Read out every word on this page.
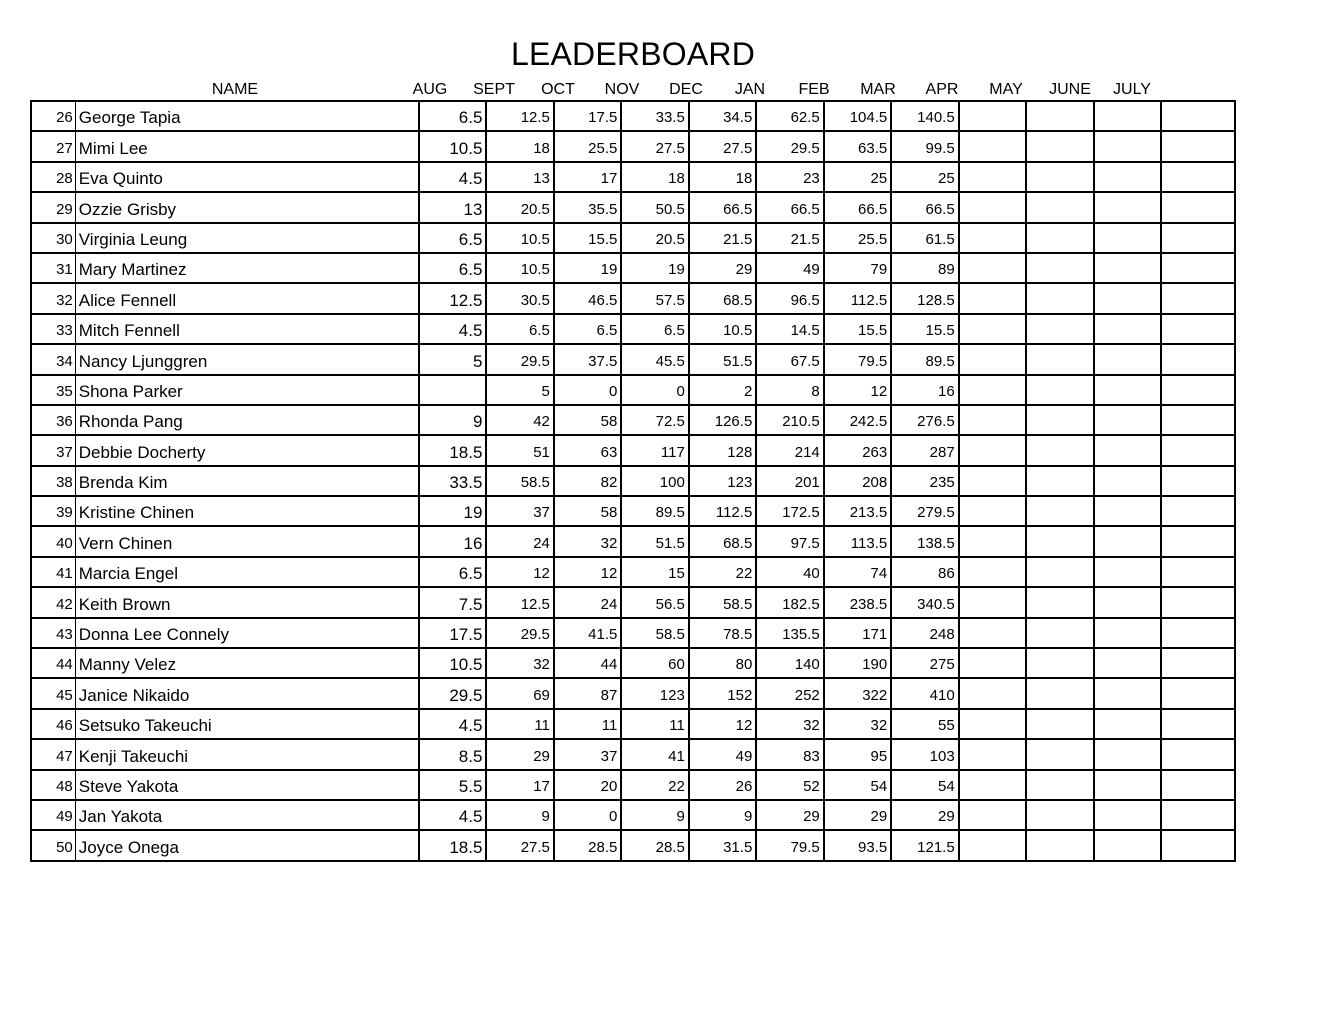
LEADERBOARD
NAME	AUG	SEPT	OCT	NOV	DEC	JAN	FEB	MAR	APR	MAY	JUNE	JULY
26	George Tapia	6.5	12.5	17.5	33.5	34.5	62.5	104.5	140.5				
27	Mimi Lee	10.5	18	25.5	27.5	27.5	29.5	63.5	99.5				
28	Eva Quinto	4.5	13	17	18	18	23	25	25				
29	Ozzie Grisby	13	20.5	35.5	50.5	66.5	66.5	66.5	66.5				
30	Virginia Leung	6.5	10.5	15.5	20.5	21.5	21.5	25.5	61.5				
31	Mary Martinez	6.5	10.5	19	19	29	49	79	89				
32	Alice Fennell	12.5	30.5	46.5	57.5	68.5	96.5	112.5	128.5				
33	Mitch Fennell	4.5	6.5	6.5	6.5	10.5	14.5	15.5	15.5				
34	Nancy Ljunggren	5	29.5	37.5	45.5	51.5	67.5	79.5	89.5				
35	Shona Parker		5	0	0	2	8	12	16				
36	Rhonda Pang	9	42	58	72.5	126.5	210.5	242.5	276.5				
37	Debbie Docherty	18.5	51	63	117	128	214	263	287				
38	Brenda Kim	33.5	58.5	82	100	123	201	208	235				
39	Kristine Chinen	19	37	58	89.5	112.5	172.5	213.5	279.5				
40	Vern Chinen	16	24	32	51.5	68.5	97.5	113.5	138.5				
41	Marcia Engel	6.5	12	12	15	22	40	74	86				
42	Keith Brown	7.5	12.5	24	56.5	58.5	182.5	238.5	340.5				
43	Donna Lee Connely	17.5	29.5	41.5	58.5	78.5	135.5	171	248				
44	Manny Velez	10.5	32	44	60	80	140	190	275				
45	Janice Nikaido	29.5	69	87	123	152	252	322	410				
46	Setsuko Takeuchi	4.5	11	11	11	12	32	32	55				
47	Kenji Takeuchi	8.5	29	37	41	49	83	95	103				
48	Steve Yakota	5.5	17	20	22	26	52	54	54				
49	Jan Yakota	4.5	9	0	9	9	29	29	29				
50	Joyce Onega	18.5	27.5	28.5	28.5	31.5	79.5	93.5	121.5				
